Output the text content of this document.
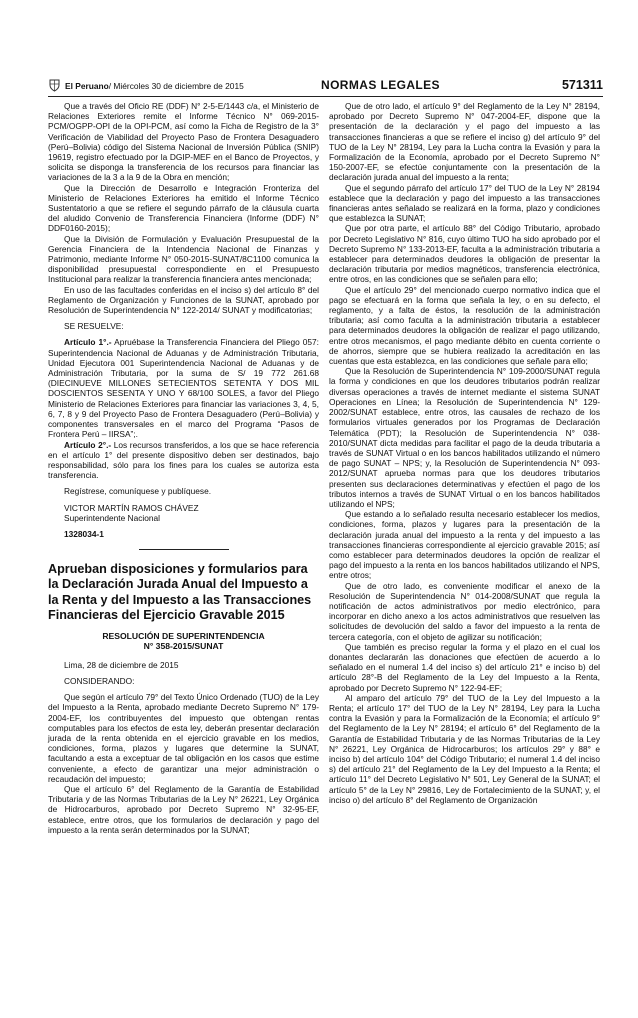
El Peruano/ Miércoles 30 de diciembre de 2015	NORMAS LEGALES	571311

Que a través del Oficio RE (DDF) N° 2-5-E/1443 c/a, el Ministerio de Relaciones Exteriores remite el Informe Técnico N° 069-2015-PCM/OGPP-OPI de la OPI-PCM, así como la Ficha de Registro de la 3° Verificación de Viabilidad del Proyecto Paso de Frontera Desaguadero (Perú–Bolivia) código del Sistema Nacional de Inversión Pública (SNIP) 19619, registro efectuado por la DGIP-MEF en el Banco de Proyectos, y solicita se disponga la transferencia de los recursos para financiar las variaciones de la 3 a la 9 de la Obra en mención;

Que la Dirección de Desarrollo e Integración Fronteriza del Ministerio de Relaciones Exteriores ha emitido el Informe Técnico Sustentatorio a que se refiere el segundo párrafo de la cláusula cuarta del aludido Convenio de Transferencia Financiera (Informe (DDF) N° DDF0160-2015);

Que la División de Formulación y Evaluación Presupuestal de la Gerencia Financiera de la Intendencia Nacional de Finanzas y Patrimonio, mediante Informe N° 050-2015-SUNAT/8C1100 comunica la disponibilidad presupuestal correspondiente en el Presupuesto Institucional para realizar la transferencia financiera antes mencionada;

En uso de las facultades conferidas en el inciso s) del artículo 8° del Reglamento de Organización y Funciones de la SUNAT, aprobado por Resolución de Superintendencia N° 122-2014/ SUNAT y modificatorias;

SE RESUELVE:

Artículo 1°.- Apruébase la Transferencia Financiera del Pliego 057: Superintendencia Nacional de Aduanas y de Administración Tributaria, Unidad Ejecutora 001 Superintendencia Nacional de Aduanas y de Administración Tributaria, por la suma de S/ 19 772 261.68 (DIECINUEVE MILLONES SETECIENTOS SETENTA Y DOS MIL DOSCIENTOS SESENTA Y UNO Y 68/100 SOLES, a favor del Pliego Ministerio de Relaciones Exteriores para financiar las variaciones 3, 4, 5, 6, 7, 8 y 9 del Proyecto Paso de Frontera Desaguadero (Perú–Bolivia) y componentes transversales en el marco del Programa “Pasos de Frontera Perú – IIRSA”;.

Artículo 2°.- Los recursos transferidos, a los que se hace referencia en el artículo 1° del presente dispositivo deben ser destinados, bajo responsabilidad, sólo para los fines para los cuales se autoriza esta transferencia.

Regístrese, comuníquese y publíquese.

VICTOR MARTÍN RAMOS CHÁVEZ

Superintendente Nacional

1328034-1

Aprueban disposiciones y formularios para la Declaración Jurada Anual del Impuesto a la Renta y del Impuesto a las Transacciones Financieras del Ejercicio Gravable 2015
RESOLUCIÓN DE SUPERINTENDENCIA
N° 358-2015/SUNAT

Lima, 28 de diciembre de 2015

CONSIDERANDO:

Que según el artículo 79° del Texto Único Ordenado (TUO) de la Ley del Impuesto a la Renta, aprobado mediante Decreto Supremo N° 179-2004-EF, los contribuyentes del impuesto que obtengan rentas computables para los efectos de esta ley, deberán presentar declaración jurada de la renta obtenida en el ejercicio gravable en los medios, condiciones, forma, plazos y lugares que determine la SUNAT, facultando a esta a exceptuar de tal obligación en los casos que estime conveniente, a efecto de garantizar una mejor administración o recaudación del impuesto;

Que el artículo 6° del Reglamento de la Garantía de Estabilidad Tributaria y de las Normas Tributarias de la Ley N° 26221, Ley Orgánica de Hidrocarburos, aprobado por Decreto Supremo N° 32-95-EF, establece, entre otros, que los formularios de declaración y pago del impuesto a la renta serán determinados por la SUNAT;

Que de otro lado, el artículo 9° del Reglamento de la Ley N° 28194, aprobado por Decreto Supremo N° 047-2004-EF, dispone que la presentación de la declaración y el pago del impuesto a las transacciones financieras a que se refiere el inciso g) del artículo 9° del TUO de la Ley N° 28194, Ley para la Lucha contra la Evasión y para la Formalización de la Economía, aprobado por el Decreto Supremo N° 150-2007-EF, se efectúe conjuntamente con la presentación de la declaración jurada anual del impuesto a la renta;

Que el segundo párrafo del artículo 17° del TUO de la Ley N° 28194 establece que la declaración y pago del impuesto a las transacciones financieras antes señalado se realizará en la forma, plazo y condiciones que establezca la SUNAT;

Que por otra parte, el artículo 88° del Código Tributario, aprobado por Decreto Legislativo N° 816, cuyo último TUO ha sido aprobado por el Decreto Supremo N° 133-2013-EF, faculta a la administración tributaria a establecer para determinados deudores la obligación de presentar la declaración tributaria por medios magnéticos, transferencia electrónica, entre otros, en las condiciones que se señalen para ello;

Que el artículo 29° del mencionado cuerpo normativo indica que el pago se efectuará en la forma que señala la ley, o en su defecto, el reglamento, y a falta de éstos, la resolución de la administración tributaria; así como faculta a la administración tributaria a establecer para determinados deudores la obligación de realizar el pago utilizando, entre otros mecanismos, el pago mediante débito en cuenta corriente o de ahorros, siempre que se hubiera realizado la acreditación en las cuentas que esta establezca, en las condiciones que señale para ello;

Que la Resolución de Superintendencia N° 109-2000/SUNAT regula la forma y condiciones en que los deudores tributarios podrán realizar diversas operaciones a través de internet mediante el sistema SUNAT Operaciones en Línea; la Resolución de Superintendencia N° 129-2002/SUNAT establece, entre otros, las causales de rechazo de los formularios virtuales generados por los Programas de Declaración Telemática (PDT); la Resolución de Superintendencia N° 038-2010/SUNAT dicta medidas para facilitar el pago de la deuda tributaria a través de SUNAT Virtual o en los bancos habilitados utilizando el número de pago SUNAT – NPS; y, la Resolución de Superintendencia N° 093-2012/SUNAT aprueba normas para que los deudores tributarios presenten sus declaraciones determinativas y efectúen el pago de los tributos internos a través de SUNAT Virtual o en los bancos habilitados utilizando el NPS;

Que estando a lo señalado resulta necesario establecer los medios, condiciones, forma, plazos y lugares para la presentación de la declaración jurada anual del impuesto a la renta y del impuesto a las transacciones financieras correspondiente al ejercicio gravable 2015; así como establecer para determinados deudores la opción de realizar el pago del impuesto a la renta en los bancos habilitados utilizando el NPS, entre otros;

Que de otro lado, es conveniente modificar el anexo de la Resolución de Superintendencia N° 014-2008/SUNAT que regula la notificación de actos administrativos por medio electrónico, para incorporar en dicho anexo a los actos administrativos que resuelven las solicitudes de devolución del saldo a favor del impuesto a la renta de tercera categoría, con el objeto de agilizar su notificación;

Que también es preciso regular la forma y el plazo en el cual los donantes declararán las donaciones que efectúen de acuerdo a lo señalado en el numeral 1.4 del inciso s) del artículo 21° e inciso b) del artículo 28°-B del Reglamento de la Ley del Impuesto a la Renta, aprobado por Decreto Supremo N° 122-94-EF;

Al amparo del artículo 79° del TUO de la Ley del Impuesto a la Renta; el artículo 17° del TUO de la Ley N° 28194, Ley para la Lucha contra la Evasión y para la Formalización de la Economía; el artículo 9° del Reglamento de la Ley N° 28194; el artículo 6° del Reglamento de la Garantía de Estabilidad Tributaria y de las Normas Tributarias de la Ley N° 26221, Ley Orgánica de Hidrocarburos; los artículos 29° y 88° e inciso b) del artículo 104° del Código Tributario; el numeral 1.4 del inciso s) del artículo 21° del Reglamento de la Ley del Impuesto a la Renta; el artículo 11° del Decreto Legislativo N° 501, Ley General de la SUNAT; el artículo 5° de la Ley N° 29816, Ley de Fortalecimiento de la SUNAT; y, el inciso o) del artículo 8° del Reglamento de Organización
